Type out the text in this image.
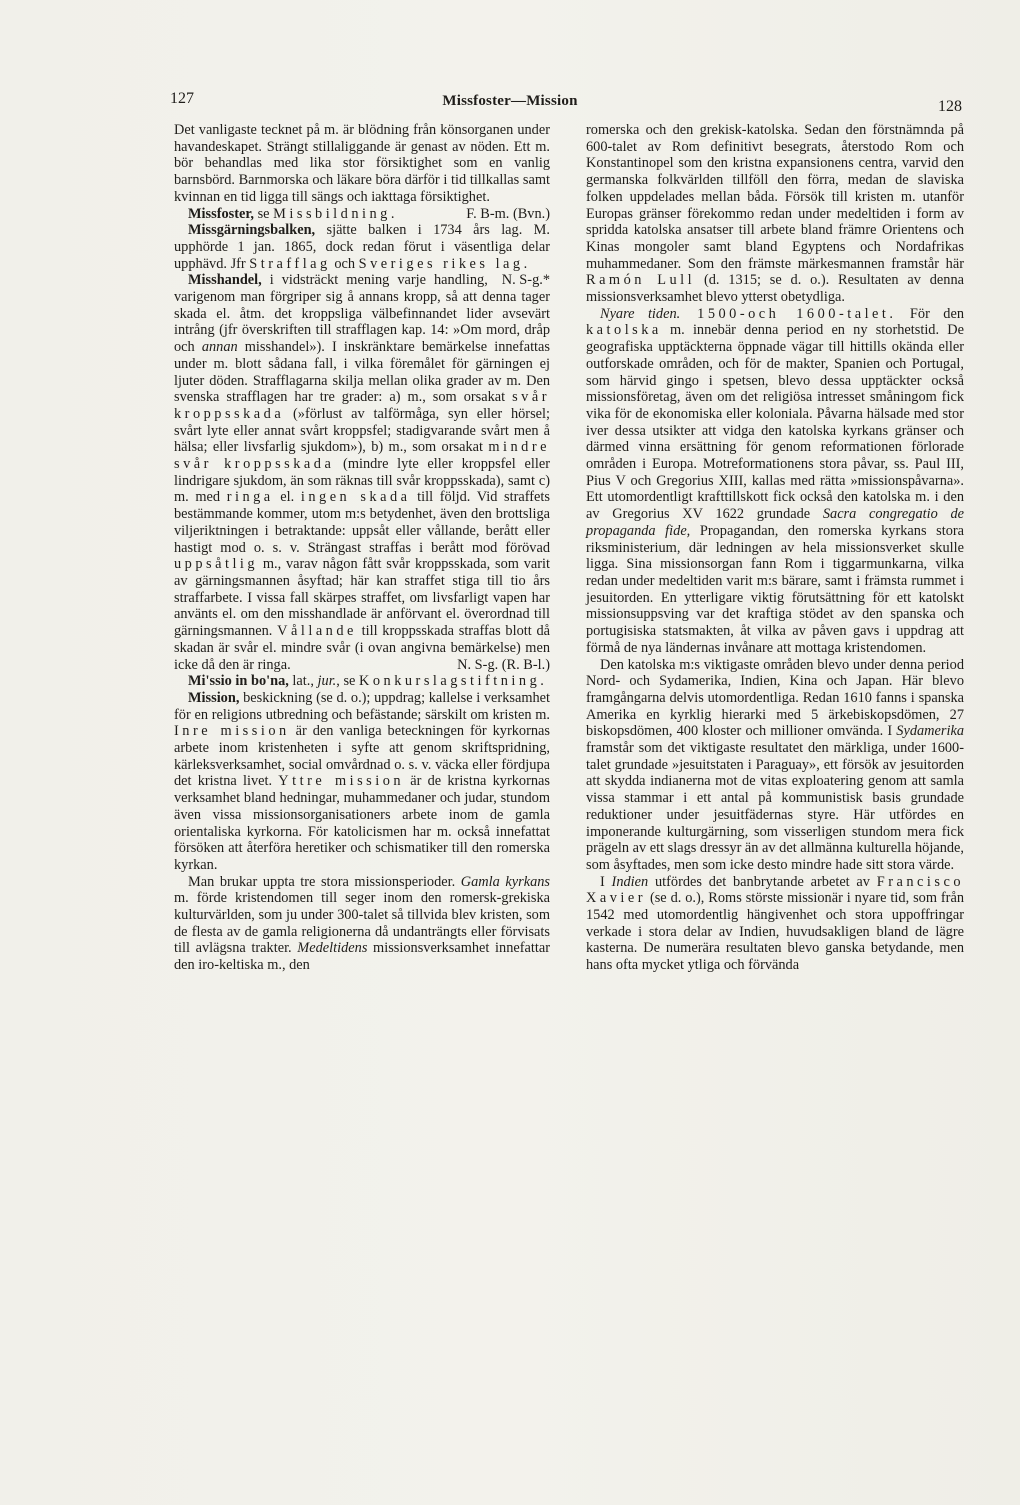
127	Missfoster—Mission	128

Det vanligaste tecknet på m. är blödning från könsorganen under havandeskapet. Strängt stillaliggande är genast av nöden. Ett m. bör behandlas med lika stor försiktighet som en vanlig barnsbörd. Barnmorska och läkare böra därför i tid tillkallas samt kvinnan en tid ligga till sängs och iakttaga försiktighet.
F. B-m. (Bvn.)

Missfoster, se Missbildning.

Missgärningsbalken, sjätte balken i 1734 års lag. M. upphörde 1 jan. 1865, dock redan förut i väsentliga delar upphävd. Jfr Strafflag och Sveriges rikes lag.
N. S-g.*

Misshandel, i vidsträckt mening varje handling, varigenom man förgriper sig å annans kropp, så att denna tager skada el. åtm. det kroppsliga välbefinnandet lider avsevärt intrång (jfr överskriften till strafflagen kap. 14: »Om mord, dråp och annan misshandel»). I inskränktare bemärkelse innefattas under m. blott sådana fall, i vilka föremålet för gärningen ej ljuter döden. Strafflagarna skilja mellan olika grader av m. Den svenska strafflagen har tre grader: a) m., som orsakat svår kroppsskada (»förlust av talförmåga, syn eller hörsel; svårt lyte eller annat svårt kroppsfel; stadigvarande svårt men å hälsa; eller livsfarlig sjukdom»), b) m., som orsakat mindre svår kroppsskada (mindre lyte eller kroppsfel eller lindrigare sjukdom, än som räknas till svår kroppsskada), samt c) m. med ringa el. ingen skada till följd. Vid straffets bestämmande kommer, utom m:s betydenhet, även den brottsliga viljeriktningen i betraktande: uppsåt eller vållande, berått eller hastigt mod o. s. v. Strängast straffas i berått mod förövad uppsåtlig m., varav någon fått svår kroppsskada, som varit av gärningsmannen åsyftad; här kan straffet stiga till tio års straffarbete. I vissa fall skärpes straffet, om livsfarligt vapen har använts el. om den misshandlade är anförvant el. överordnad till gärningsmannen. Vållande till kroppsskada straffas blott då skadan är svår el. mindre svår (i ovan angivna bemärkelse) men icke då den är ringa.	N. S-g. (R. B-l.)

Mi'ssio in bo'na, lat., jur., se Konkurslagstiftning.

Mission, beskickning (se d. o.); uppdrag; kallelse i verksamhet för en religions utbredning och befästande; särskilt om kristen m. Inre mission är den vanliga beteckningen för kyrkornas arbete inom kristenheten i syfte att genom skriftspridning, kärleksverksamhet, social omvårdnad o. s. v. väcka eller fördjupa det kristna livet. Yttre mission är de kristna kyrkornas verksamhet bland hedningar, muhammedaner och judar, stundom även vissa missionsorganisationers arbete inom de gamla orientaliska kyrkorna. För katolicismen har m. också innefattat försöken att återföra heretiker och schismatiker till den romerska kyrkan.

Man brukar uppta tre stora missionsperioder. Gamla kyrkans m. förde kristendomen till seger inom den romersk-grekiska kulturvärlden, som ju under 300-talet så tillvida blev kristen, som de flesta av de gamla religionerna då undanträngts eller förvisats till avlägsna trakter. Medeltidens missionsverksamhet innefattar den iro-keltiska m., den

romerska och den grekisk-katolska. Sedan den förstnämnda på 600-talet av Rom definitivt besegrats, återstodo Rom och Konstantinopel som den kristna expansionens centra, varvid den germanska folkvärlden tillföll den förra, medan de slaviska folken uppdelades mellan båda. Försök till kristen m. utanför Europas gränser förekommo redan under medeltiden i form av spridda katolska ansatser till arbete bland främre Orientens och Kinas mongoler samt bland Egyptens och Nordafrikas muhammedaner. Som den främste märkesmannen framstår här Ramón Lull (d. 1315; se d. o.). Resultaten av denna missionsverksamhet blevo ytterst obetydliga.

Nyare tiden. 1500-och 1600-talet. För den katolska m. innebär denna period en ny storhetstid. De geografiska upptäckterna öppnade vägar till hittills okända eller outforskade områden, och för de makter, Spanien och Portugal, som härvid gingo i spetsen, blevo dessa upptäckter också missionsföretag, även om det religiösa intresset småningom fick vika för de ekonomiska eller koloniala. Påvarna hälsade med stor iver dessa utsikter att vidga den katolska kyrkans gränser och därmed vinna ersättning för genom reformationen förlorade områden i Europa. Motreformationens stora påvar, ss. Paul III, Pius V och Gregorius XIII, kallas med rätta »missionspåvarna». Ett utomordentligt krafttillskott fick också den katolska m. i den av Gregorius XV 1622 grundade Sacra congregatio de propaganda fide, Propagandan, den romerska kyrkans stora riksministerium, där ledningen av hela missionsverket skulle ligga. Sina missionsorgan fann Rom i tiggarmunkarna, vilka redan under medeltiden varit m:s bärare, samt i främsta rummet i jesuitorden. En ytterligare viktig förutsättning för ett katolskt missionsuppsving var det kraftiga stödet av den spanska och portugisiska statsmakten, åt vilka av påven gavs i uppdrag att förmå de nya ländernas invånare att mottaga kristendomen.

Den katolska m:s viktigaste områden blevo under denna period Nord- och Sydamerika, Indien, Kina och Japan. Här blevo framgångarna delvis utomordentliga. Redan 1610 fanns i spanska Amerika en kyrklig hierarki med 5 ärkebiskopsdömen, 27 biskopsdömen, 400 kloster och millioner omvända. I Sydamerika framstår som det viktigaste resultatet den märkliga, under 1600-talet grundade »jesuitstaten i Paraguay», ett försök av jesuitorden att skydda indianerna mot de vitas exploatering genom att samla vissa stammar i ett antal på kommunistisk basis grundade reduktioner under jesuitfädernas styre. Här utfördes en imponerande kulturgärning, som visserligen stundom mera fick prägeln av ett slags dressyr än av det allmänna kulturella höjande, som åsyftades, men som icke desto mindre hade sitt stora värde.

I Indien utfördes det banbrytande arbetet av Francisco Xavier (se d. o.), Roms störste missionär i nyare tid, som från 1542 med utomordentlig hängivenhet och stora uppoffringar verkade i stora delar av Indien, huvudsakligen bland de lägre kasterna. De numerära resultaten blevo ganska betydande, men hans ofta mycket ytliga och förvända
